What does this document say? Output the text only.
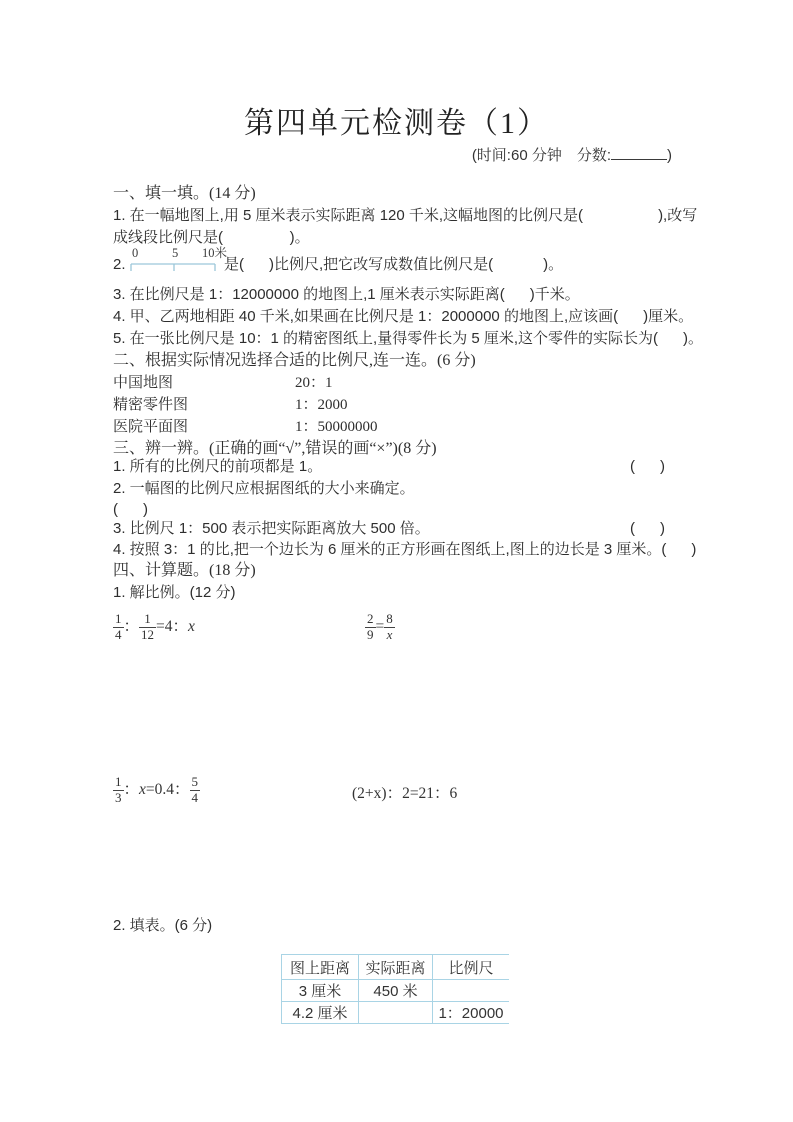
第四单元检测卷（1）
(时间:60 分钟　分数:	)
一、填一填。(14 分)
1. 在一幅地图上,用 5 厘米表示实际距离 120 千米,这幅地图的比例尺是(                  ),改写
成线段比例尺是(                )。
2.
0	5 10米
是(      )比例尺,把它改写成数值比例尺是(            )。
3. 在比例尺是 1：12000000 的地图上,1 厘米表示实际距离(      )千米。
4. 甲、乙两地相距 40 千米,如果画在比例尺是 1：2000000 的地图上,应该画(      )厘米。
5. 在一张比例尺是 10：1 的精密图纸上,量得零件长为 5 厘米,这个零件的实际长为(      )。
二、根据实际情况选择合适的比例尺,连一连。(6 分)
中国地图	20：1
精密零件图	1：2000
医院平面图	1：50000000
三、辨一辨。(正确的画“√”,错误的画“×”)(8 分)
1. 所有的比例尺的前项都是 1。	(      )
2. 一幅图的比例尺应根据图纸的大小来确定。
(      )
3. 比例尺 1：500 表示把实际距离放大 500 倍。	(      )
4. 按照 3：1 的比,把一个边长为 6 厘米的正方形画在图纸上,图上的边长是 3 厘米。 (      )
四、计算题。(18 分)
1. 解比例。(12 分)
$\frac{1}{4}$ ： $\frac{1}{12} =4$：x	$\frac{2}{9} = \frac{8}{x}$
$\frac{1}{3}$ ：x=0.4： $\frac{5}{4}$	(2+x)：2=21：6
2. 填表。(6 分)
图上距离	实际距离	比例尺
3 厘米	450 米	
4.2 厘米		1：20000
